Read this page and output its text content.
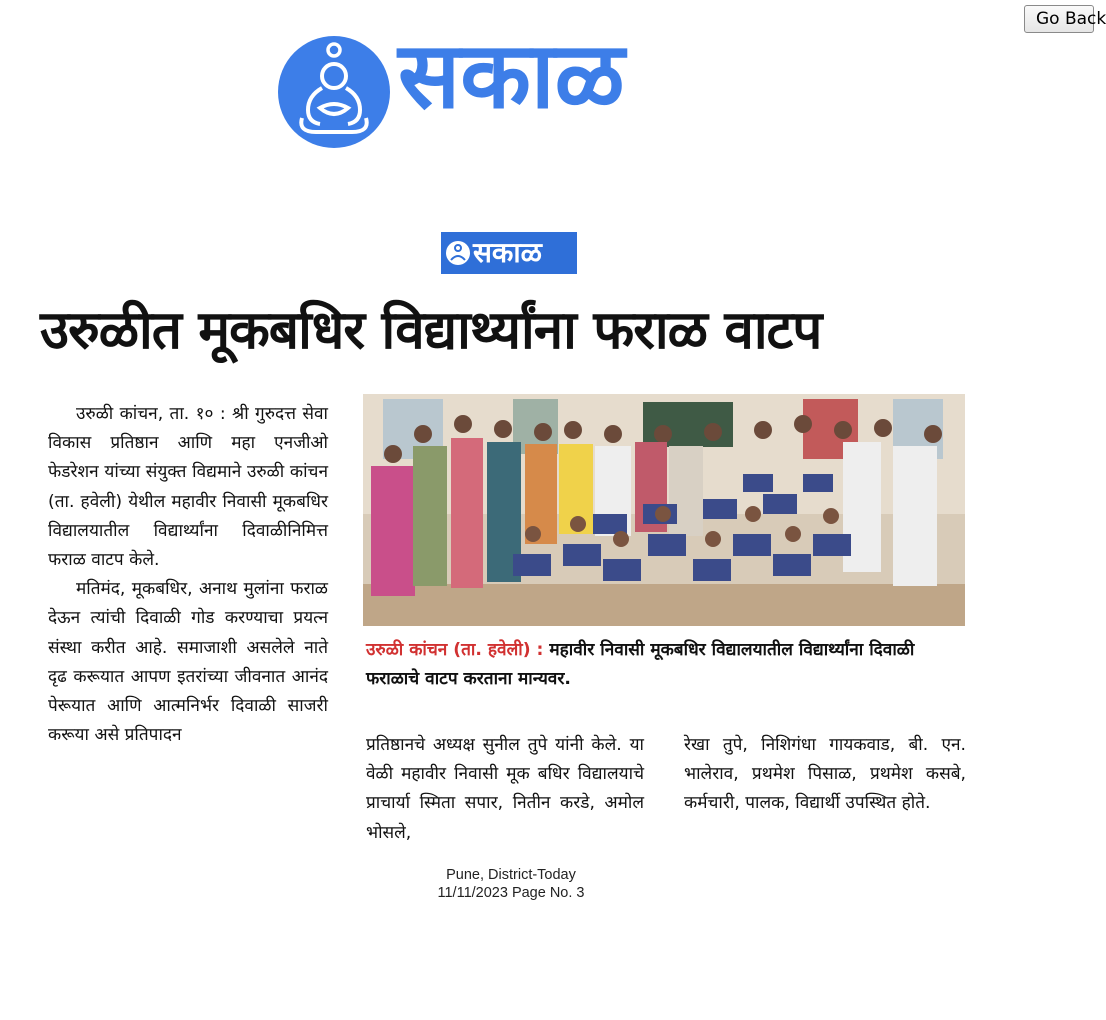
Go Back
सकाळ
सकाळ
उरुळीत मूकबधिर विद्यार्थ्यांना फराळ वाटप

उरुळी कांचन, ता. १० : श्री गुरुदत्त सेवा विकास प्रतिष्ठान आणि महा एनजीओ फेडरेशन यांच्या संयुक्त विद्यमाने उरुळी कांचन (ता. हवेली) येथील महावीर निवासी मूकबधिर विद्यालयातील विद्यार्थ्यांना दिवाळीनिमित्त फराळ वाटप केले.

मतिमंद, मूकबधिर, अनाथ मुलांना फराळ देऊन त्यांची दिवाळी गोड करण्याचा प्रयत्न संस्था करीत आहे. समाजाशी असलेले नाते दृढ करूयात आपण इतरांच्या जीवनात आनंद पेरूयात आणि आत्मनिर्भर दिवाळी साजरी करूया असे प्रतिपादन

उरुळी कांचन (ता. हवेली) : महावीर निवासी मूकबधिर विद्यालयातील विद्यार्थ्यांना दिवाळी फराळाचे वाटप करताना मान्यवर.

प्रतिष्ठानचे अध्यक्ष सुनील तुपे यांनी केले. या वेळी महावीर निवासी मूक बधिर विद्यालयाचे प्राचार्या स्मिता सपार, नितीन करडे, अमोल भोसले,

रेखा तुपे, निशिगंधा गायकवाड, बी. एन. भालेराव, प्रथमेश पिसाळ, प्रथमेश कसबे, कर्मचारी, पालक, विद्यार्थी उपस्थित होते.

Pune, District-Today
11/11/2023 Page No. 3
